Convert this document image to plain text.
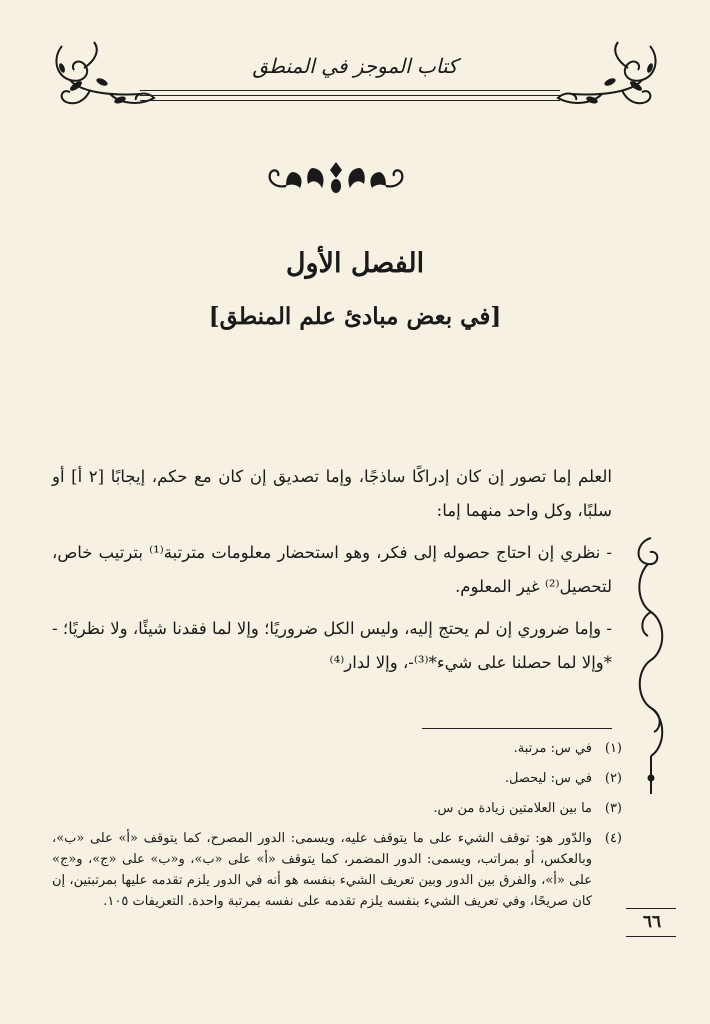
كتاب الموجز في المنطق
الفصل الأول
[في بعض مبادئ علم المنطق]

العلم إما تصور إن كان إدراكًا ساذجًا، وإما تصديق إن كان مع حكم، إيجابًا [٢ أ] أو سلبًا، وكل واحد منهما إما:

- نظري إن احتاج حصوله إلى فكر، وهو استحضار معلومات مترتبة⁽¹⁾ بترتيب خاص، لتحصيل⁽²⁾ غير المعلوم.

- وإما ضروري إن لم يحتج إليه، وليس الكل ضروريًا؛ وإلا لما فقدنا شيئًا، ولا نظريًا؛ - *وإلا لما حصلنا على شيء*⁽³⁾-، وإلا لدار⁽⁴⁾

(١)
في س: مرتبة.
(٢)
في س: ليحصل.
(٣)
ما بين العلامتين زيادة من س.
(٤)
والدّور هو: توقف الشيء على ما يتوقف عليه، ويسمى: الدور المصرح، كما يتوقف «أ» على «ب»، وبالعكس، أو بمراتب، ويسمى: الدور المضمر، كما يتوقف «أ» على «ب»، و«ب» على «ج»، و«ج» على «أ»، والفرق بين الدور وبين تعريف الشيء بنفسه هو أنه في الدور يلزم تقدمه عليها بمرتبتين، إن كان صريحًا، وفي تعريف الشيء بنفسه يلزم تقدمه على نفسه بمرتبة واحدة. التعريفات ١٠٥.
٦٦
